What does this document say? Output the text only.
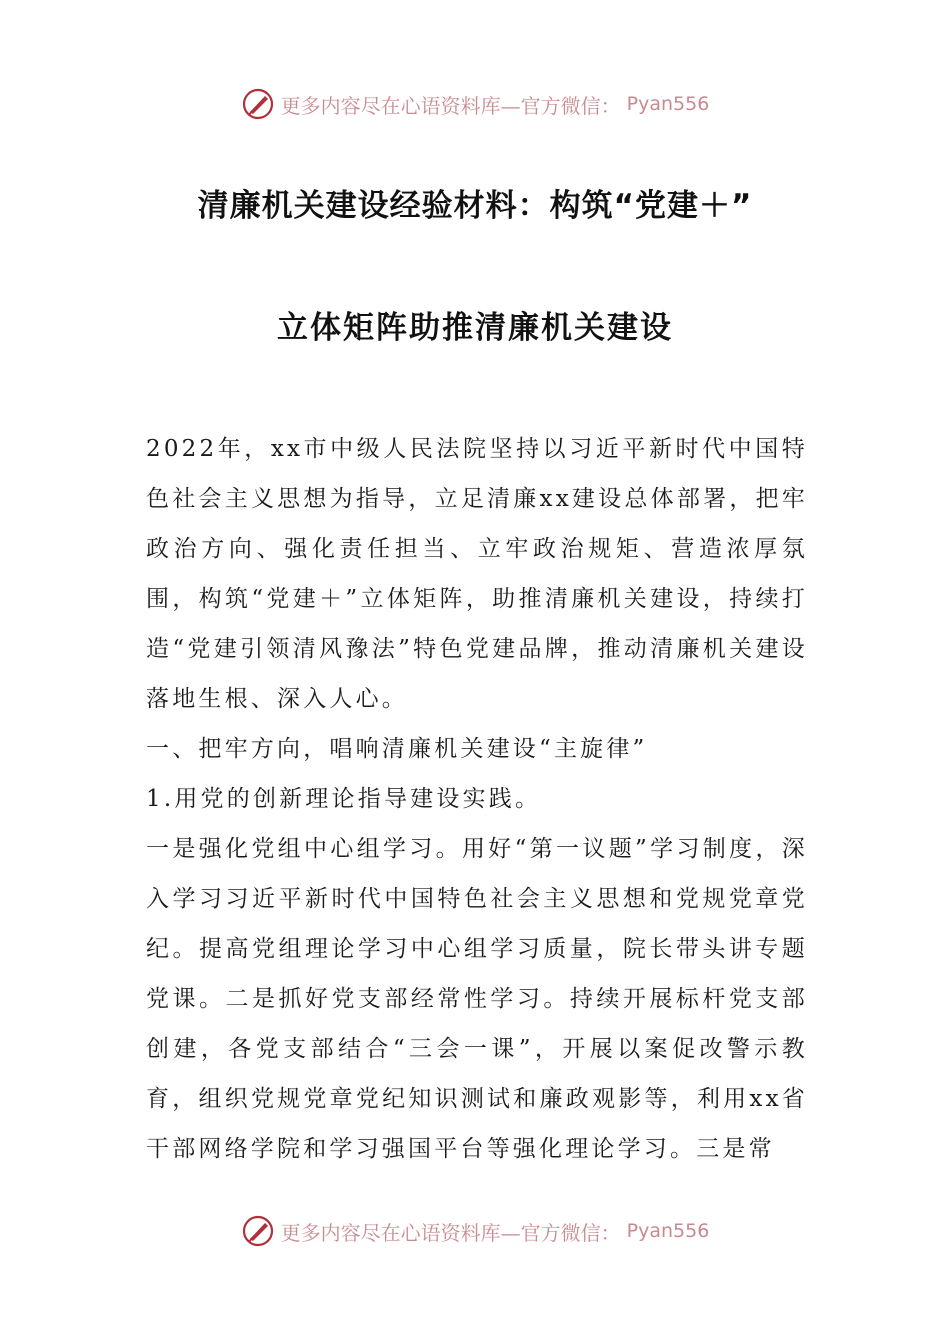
更多内容尽在心语资料库—官方微信： Pyan556
清廉机关建设经验材料：构筑“党建＋”
立体矩阵助推清廉机关建设

2022年，xx市中级人民法院坚持以习近平新时代中国特色社会主义思想为指导，立足清廉xx建设总体部署，把牢政治方向、强化责任担当、立牢政治规矩、营造浓厚氛围，构筑“党建＋”立体矩阵，助推清廉机关建设，持续打造“党建引领清风豫法”特色党建品牌，推动清廉机关建设落地生根、深入人心。

一、把牢方向，唱响清廉机关建设“主旋律”

1.用党的创新理论指导建设实践。

一是强化党组中心组学习。用好“第一议题”学习制度，深入学习习近平新时代中国特色社会主义思想和党规党章党纪。提高党组理论学习中心组学习质量，院长带头讲专题党课。二是抓好党支部经常性学习。持续开展标杆党支部创建，各党支部结合“三会一课”，开展以案促改警示教育，组织党规党章党纪知识测试和廉政观影等，利用xx省干部网络学院和学习强国平台等强化理论学习。三是常

更多内容尽在心语资料库—官方微信： Pyan556
